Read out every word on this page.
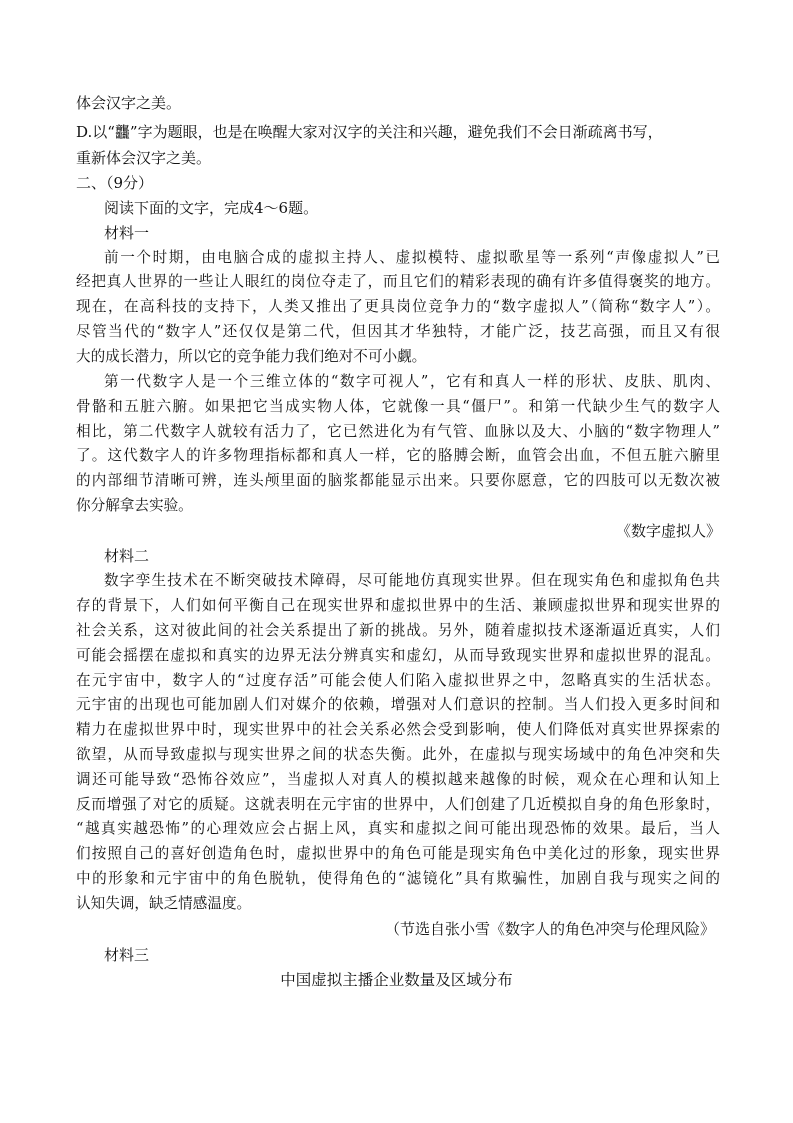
体会汉字之美。
D.以“龘”字为题眼，也是在唤醒大家对汉字的关注和兴趣，避免我们不会日渐疏离书写，
重新体会汉字之美。
二、（9分）
阅读下面的文字，完成4～6题。
材料一
前一个时期，由电脑合成的虚拟主持人、虚拟模特、虚拟歌星等一系列“声像虚拟人”已
经把真人世界的一些让人眼红的岗位夺走了，而且它们的精彩表现的确有许多值得褒奖的地方。
现在，在高科技的支持下，人类又推出了更具岗位竞争力的“数字虚拟人”（简称“数字人”）。
尽管当代的“数字人”还仅仅是第二代，但因其才华独特，才能广泛，技艺高强，而且又有很
大的成长潜力，所以它的竞争能力我们绝对不可小觑。
第一代数字人是一个三维立体的“数字可视人”，它有和真人一样的形状、皮肤、肌肉、
骨骼和五脏六腑。如果把它当成实物人体，它就像一具“僵尸”。和第一代缺少生气的数字人
相比，第二代数字人就较有活力了，它已然进化为有气管、血脉以及大、小脑的“数字物理人”
了。这代数字人的许多物理指标都和真人一样，它的胳膊会断，血管会出血，不但五脏六腑里
的内部细节清晰可辨，连头颅里面的脑浆都能显示出来。只要你愿意，它的四肢可以无数次被
你分解拿去实验。
《数字虚拟人》
材料二
数字孪生技术在不断突破技术障碍，尽可能地仿真现实世界。但在现实角色和虚拟角色共
存的背景下，人们如何平衡自己在现实世界和虚拟世界中的生活、兼顾虚拟世界和现实世界的
社会关系，这对彼此间的社会关系提出了新的挑战。另外，随着虚拟技术逐渐逼近真实，人们
可能会摇摆在虚拟和真实的边界无法分辨真实和虚幻，从而导致现实世界和虚拟世界的混乱。
在元宇宙中，数字人的“过度存活”可能会使人们陷入虚拟世界之中，忽略真实的生活状态。
元宇宙的出现也可能加剧人们对媒介的依赖，增强对人们意识的控制。当人们投入更多时间和
精力在虚拟世界中时，现实世界中的社会关系必然会受到影响，使人们降低对真实世界探索的
欲望，从而导致虚拟与现实世界之间的状态失衡。此外，在虚拟与现实场域中的角色冲突和失
调还可能导致“恐怖谷效应”，当虚拟人对真人的模拟越来越像的时候，观众在心理和认知上
反而增强了对它的质疑。这就表明在元宇宙的世界中，人们创建了几近模拟自身的角色形象时，
“越真实越恐怖”的心理效应会占据上风，真实和虚拟之间可能出现恐怖的效果。最后，当人
们按照自己的喜好创造角色时，虚拟世界中的角色可能是现实角色中美化过的形象，现实世界
中的形象和元宇宙中的角色脱轨，使得角色的“滤镜化”具有欺骗性，加剧自我与现实之间的
认知失调，缺乏情感温度。
（节选自张小雪《数字人的角色冲突与伦理风险》
材料三
中国虚拟主播企业数量及区域分布
